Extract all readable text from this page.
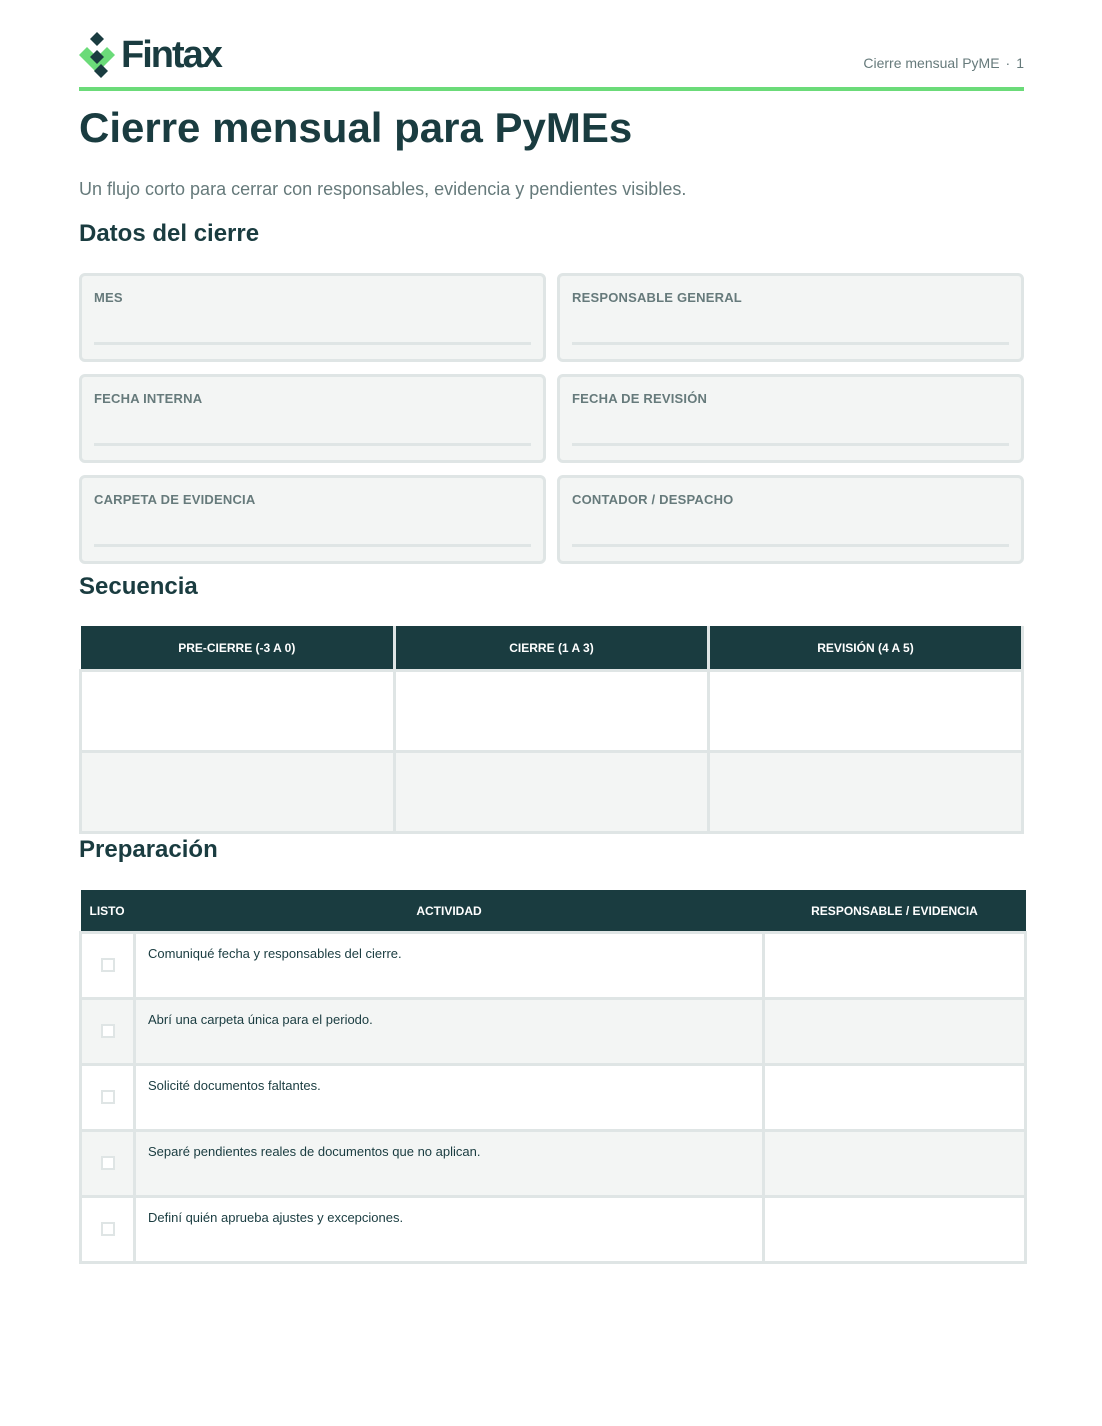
Fintax	Cierre mensual PyME · 1
Cierre mensual para PyMEs
Un flujo corto para cerrar con responsables, evidencia y pendientes visibles.
Datos del cierre
MES	RESPONSABLE GENERAL
FECHA INTERNA	FECHA DE REVISIÓN
CARPETA DE EVIDENCIA	CONTADOR / DESPACHO
Secuencia
PRE-CIERRE (-3 A 0)	CIERRE (1 A 3)	REVISIÓN (4 A 5)

Preparación
LISTO	ACTIVIDAD	RESPONSABLE / EVIDENCIA
	Comuniqué fecha y responsables del cierre.	
	Abrí una carpeta única para el periodo.	
	Solicité documentos faltantes.	
	Separé pendientes reales de documentos que no aplican.	
	Definí quién aprueba ajustes y excepciones.	
